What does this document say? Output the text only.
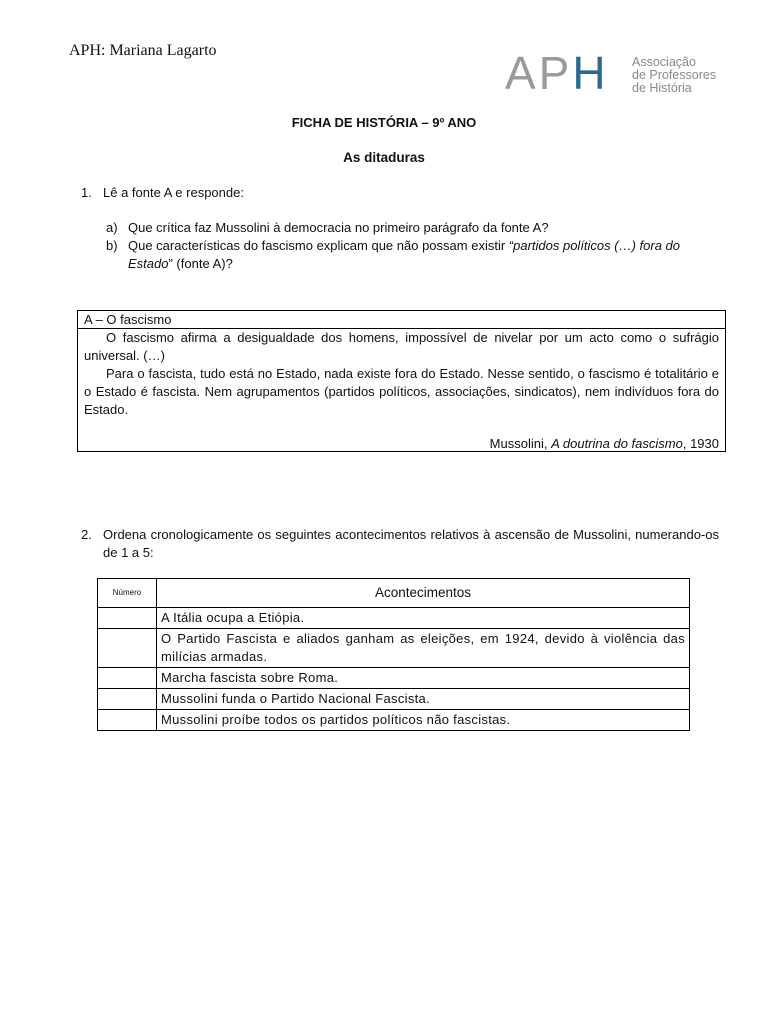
APH: Mariana Lagarto	APH Associação
de Professores
de História
FICHA DE HISTÓRIA – 9º ANO
As ditaduras
1. Lê a fonte A e responde:
a) Que crítica faz Mussolini à democracia no primeiro parágrafo da fonte A?
b) Que características do fascismo explicam que não possam existir “partidos políticos (…) fora do Estado” (fonte A)?
A – O fascismo
O fascismo afirma a desigualdade dos homens, impossível de nivelar por um acto como o sufrágio universal. (…)
Para o fascista, tudo está no Estado, nada existe fora do Estado. Nesse sentido, o fascismo é totalitário e o Estado é fascista. Nem agrupamentos (partidos políticos, associações, sindicatos), nem indivíduos fora do Estado.
Mussolini, A doutrina do fascismo, 1930
2. Ordena cronologicamente os seguintes acontecimentos relativos à ascensão de Mussolini, numerando-os de 1 a 5:
Número	Acontecimentos
	A Itália ocupa a Etiópia.
	O Partido Fascista e aliados ganham as eleições, em 1924, devido à violência das milícias armadas.
	Marcha fascista sobre Roma.
	Mussolini funda o Partido Nacional Fascista.
	Mussolini proíbe todos os partidos políticos não fascistas.
